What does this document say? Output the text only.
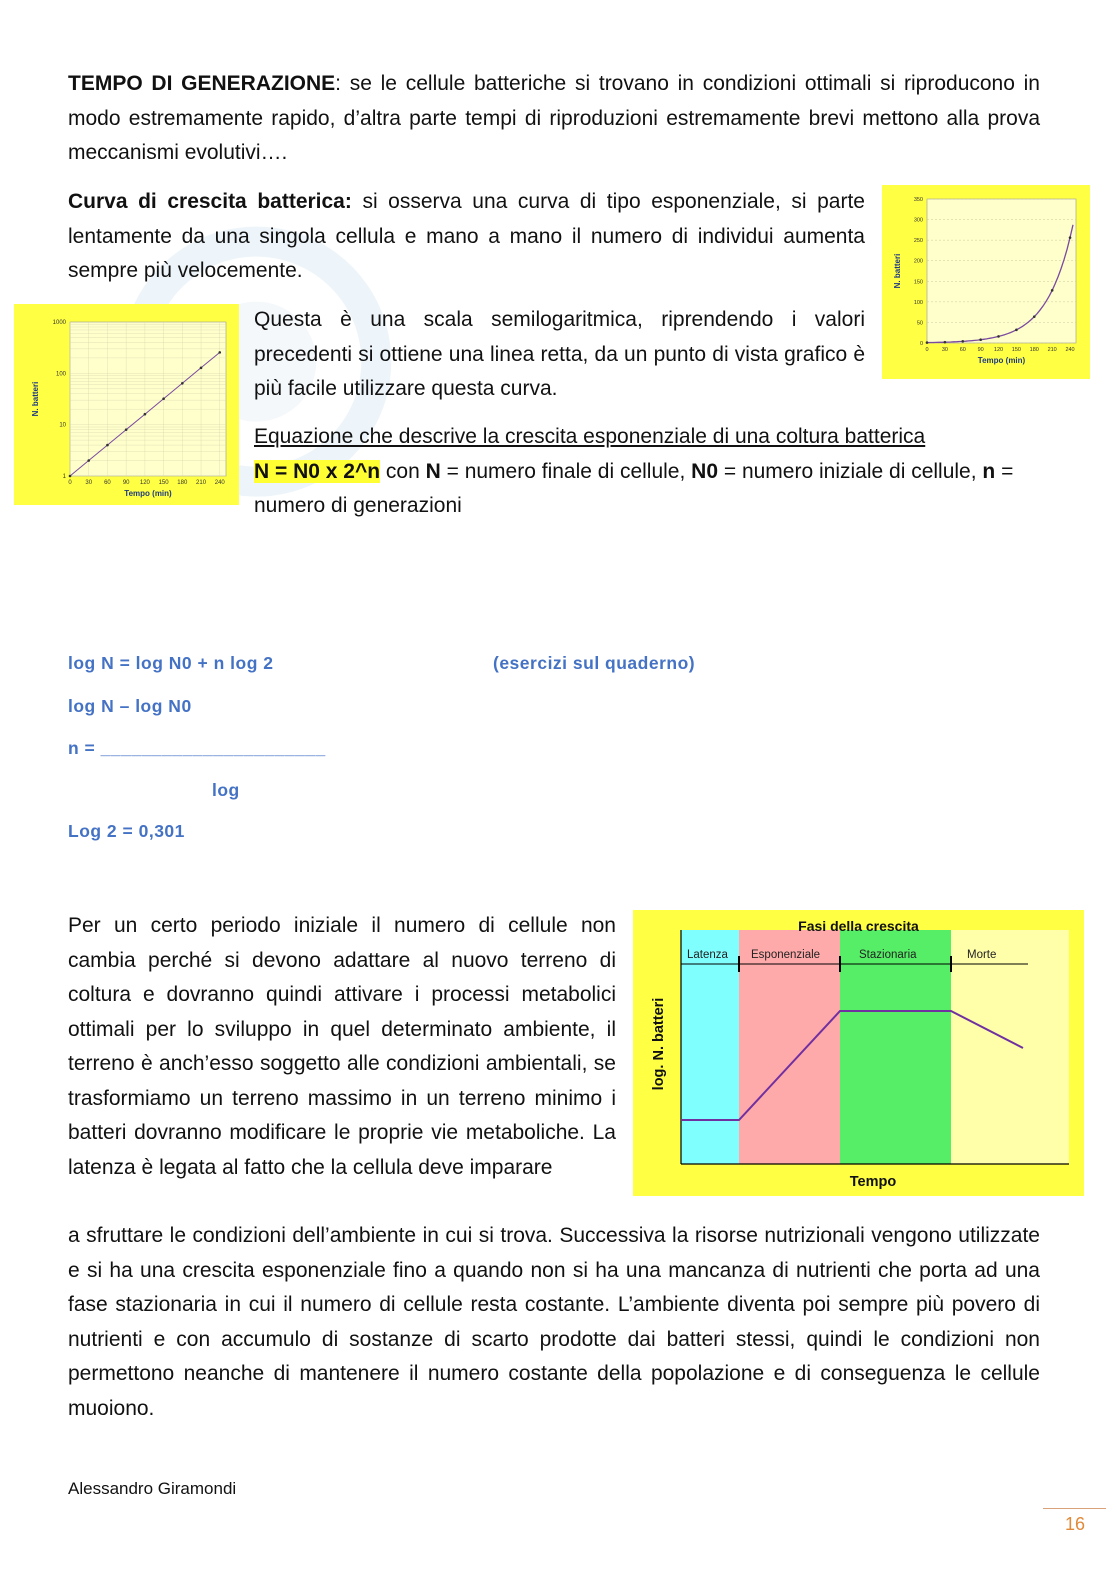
TEMPO DI GENERAZIONE: se le cellule batteriche si trovano in condizioni ottimali si riproducono in modo estremamente rapido, d’altra parte tempi di riproduzioni estremamente brevi mettono alla prova meccanismi evolutivi….
Curva di crescita batterica: si osserva una curva di tipo esponenziale, si parte lentamente da una singola cellula e mano a mano il numero di individui aumenta sempre più velocemente.
0
50
100
150
200
250
300
350
0 30 60 90 120 150 180 210 240
Tempo (min)
N. batteri
1
10
100
1000
0 30 60 90 120 150 180 210 240
Tempo (min)
N. batteri
Questa è una scala semilogaritmica, riprendendo i valori precedenti si ottiene una linea retta, da un punto di vista grafico è più facile utilizzare questa curva.
Equazione che descrive la crescita esponenziale di una coltura batterica
N = N0 x 2^n con N = numero finale di cellule, N0 = numero iniziale di cellule, n = numero di generazioni
log N = log N0 + n log 2	(esercizi sul quaderno)
log N – log N0
n = ______________________
log
Log 2 = 0,301
Per un certo periodo iniziale il numero di cellule non cambia perché si devono adattare al nuovo terreno di coltura e dovranno quindi attivare i processi metabolici ottimali per lo sviluppo in quel determinato ambiente, il terreno è anch’esso soggetto alle condizioni ambientali, se trasformiamo un terreno massimo in un terreno minimo i batteri dovranno modificare le proprie vie metaboliche. La latenza è legata al fatto che la cellula deve imparare
Latenza Esponenziale	Stazionaria	Morte
Fasi della crescita
Tempo
log. N. batteri
a sfruttare le condizioni dell’ambiente in cui si trova. Successiva la risorse nutrizionali vengono utilizzate e si ha una crescita esponenziale fino a quando non si ha una mancanza di nutrienti che porta ad una fase stazionaria in cui il numero di cellule resta costante. L’ambiente diventa poi sempre più povero di nutrienti e con accumulo di sostanze di scarto prodotte dai batteri stessi, quindi le condizioni non permettono neanche di mantenere il numero costante della popolazione e di conseguenza le cellule muoiono.
Alessandro Giramondi
16
